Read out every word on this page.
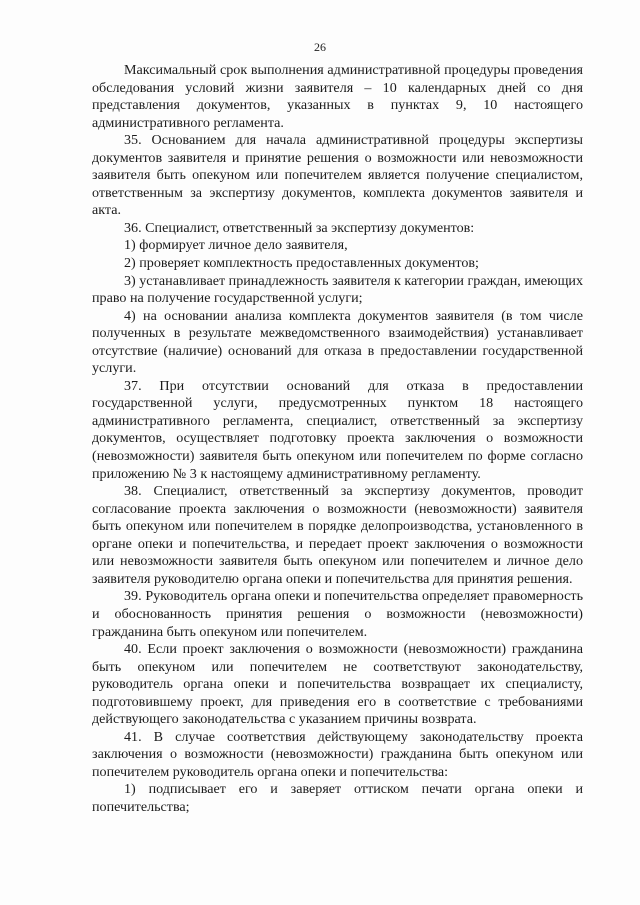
26

Максимальный срок выполнения административной процедуры проведения обследования условий жизни заявителя – 10 календарных дней со дня представления документов, указанных в пунктах 9, 10 настоящего административного регламента.

35. Основанием для начала административной процедуры экспертизы документов заявителя и принятие решения о возможности или невозможности заявителя быть опекуном или попечителем является получение специалистом, ответственным за экспертизу документов, комплекта документов заявителя и акта.

36. Специалист, ответственный за экспертизу документов:

1) формирует личное дело заявителя,

2) проверяет комплектность предоставленных документов;

3) устанавливает принадлежность заявителя к категории граждан, имеющих право на получение государственной услуги;

4) на основании анализа комплекта документов заявителя (в том числе полученных в результате межведомственного взаимодействия) устанавливает отсутствие (наличие) оснований для отказа в предоставлении государственной услуги.

37. При отсутствии оснований для отказа в предоставлении государственной услуги, предусмотренных пунктом 18 настоящего административного регламента, специалист, ответственный за экспертизу документов, осуществляет подготовку проекта заключения о возможности (невозможности) заявителя быть опекуном или попечителем по форме согласно приложению № 3 к настоящему административному регламенту.

38. Специалист, ответственный за экспертизу документов, проводит согласование проекта заключения о возможности (невозможности) заявителя быть опекуном или попечителем в порядке делопроизводства, установленного в органе опеки и попечительства, и передает проект заключения о возможности или невозможности заявителя быть опекуном или попечителем и личное дело заявителя руководителю органа опеки и попечительства для принятия решения.

39. Руководитель органа опеки и попечительства определяет правомерность и обоснованность принятия решения о возможности (невозможности) гражданина быть опекуном или попечителем.

40. Если проект заключения о возможности (невозможности) гражданина быть опекуном или попечителем не соответствуют законодательству, руководитель органа опеки и попечительства возвращает их специалисту, подготовившему проект, для приведения его в соответствие с требованиями действующего законодательства с указанием причины возврата.

41. В случае соответствия действующему законодательству проекта заключения о возможности (невозможности) гражданина быть опекуном или попечителем руководитель органа опеки и попечительства:

1) подписывает его и заверяет оттиском печати органа опеки и попечительства;
